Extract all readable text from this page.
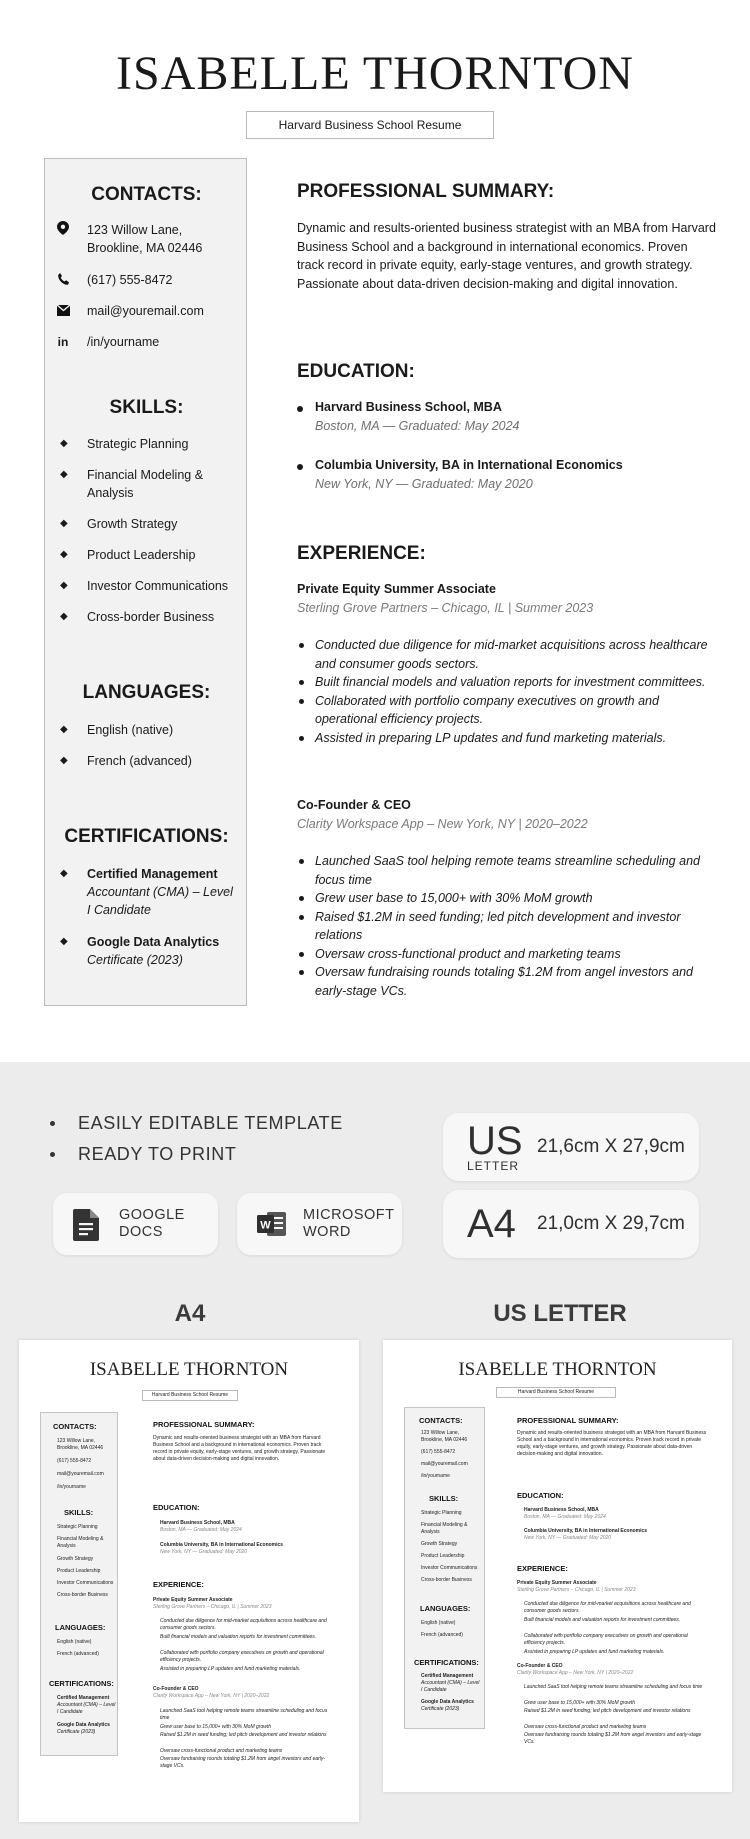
ISABELLE THORNTON
Harvard Business School Resume
CONTACTS:
123 Willow Lane,
Brookline, MA 02446
(617) 555-8472
mail@youremail.com
in /in/yourname
SKILLS:
◆ Strategic Planning
◆ Financial Modeling &
Analysis
◆ Growth Strategy
◆ Product Leadership
◆ Investor Communications
◆ Cross-border Business
LANGUAGES:
◆ English (native)
◆ French (advanced)
CERTIFICATIONS:
◆ Certified Management
Accountant (CMA) – Level
I Candidate
◆ Google Data Analytics
Certificate (2023)
PROFESSIONAL SUMMARY:
Dynamic and results-oriented business strategist with an MBA from Harvard Business School and a background in international economics. Proven track record in private equity, early-stage ventures, and growth strategy. Passionate about data-driven decision-making and digital innovation.
EDUCATION:
Harvard Business School, MBA
Boston, MA — Graduated: May 2024
Columbia University, BA in International Economics
New York, NY — Graduated: May 2020
EXPERIENCE:
Private Equity Summer Associate
Sterling Grove Partners – Chicago, IL | Summer 2023
Conducted due diligence for mid-market acquisitions across healthcare and consumer goods sectors.
Built financial models and valuation reports for investment committees.
Collaborated with portfolio company executives on growth and operational efficiency projects.
Assisted in preparing LP updates and fund marketing materials.
Co-Founder & CEO
Clarity Workspace App – New York, NY | 2020–2022
Launched SaaS tool helping remote teams streamline scheduling and focus time
Grew user base to 15,000+ with 30% MoM growth
Raised $1.2M in seed funding; led pitch development and investor relations
Oversaw cross-functional product and marketing teams
Oversaw fundraising rounds totaling $1.2M from angel investors and early-stage VCs.
EASILY EDITABLE TEMPLATE
READY TO PRINT
GOOGLE
DOCS	W
MICROSOFT
WORD
US
LETTER
21,6cm X 27,9cm
A4 21,0cm X 29,7cm
A4	US LETTER
ISABELLE THORNTON
Harvard Business School Resume
CONTACTS:
123 Willow Lane,
Brookline, MA 02446
(617) 555-8472
mail@youremail.com
/in/yourname
SKILLS:
Strategic Planning
Financial Modeling &
Analysis
Growth Strategy
Product Leadership
Investor Communications
Cross-border Business
LANGUAGES:
English (native)
French (advanced)
CERTIFICATIONS:
Certified Management
Accountant (CMA) – Level
I Candidate
Google Data Analytics
Certificate (2023)
PROFESSIONAL SUMMARY:
Dynamic and results-oriented business strategist with an MBA from Harvard Business School and a background in international economics. Proven track record in private equity, early-stage ventures, and growth strategy. Passionate about data-driven decision-making and digital innovation.
EDUCATION:
Harvard Business School, MBA
Boston, MA — Graduated: May 2024
Columbia University, BA in International Economics
New York, NY — Graduated: May 2020
EXPERIENCE:
Private Equity Summer Associate
Sterling Grove Partners – Chicago, IL | Summer 2023
Conducted due diligence for mid-market acquisitions across healthcare and consumer goods sectors.
Built financial models and valuation reports for investment committees.
Collaborated with portfolio company executives on growth and operational efficiency projects.
Assisted in preparing LP updates and fund marketing materials.
Co-Founder & CEO
Clarity Workspace App – New York, NY | 2020–2022
Launched SaaS tool helping remote teams streamline scheduling and focus time
Grew user base to 15,000+ with 30% MoM growth
Raised $1.2M in seed funding; led pitch development and investor relations
Oversaw cross-functional product and marketing teams
Oversaw fundraising rounds totaling $1.2M from angel investors and early-stage VCs.
ISABELLE THORNTON
Harvard Business School Resume
CONTACTS:
123 Willow Lane,
Brookline, MA 02446
(617) 555-8472
mail@youremail.com
/in/yourname
SKILLS:
Strategic Planning
Financial Modeling &
Analysis
Growth Strategy
Product Leadership
Investor Communications
Cross-border Business
LANGUAGES:
English (native)
French (advanced)
CERTIFICATIONS:
Certified Management
Accountant (CMA) – Level
I Candidate
Google Data Analytics
Certificate (2023)
PROFESSIONAL SUMMARY:
Dynamic and results-oriented business strategist with an MBA from Harvard Business School and a background in international economics. Proven track record in private equity, early-stage ventures, and growth strategy. Passionate about data-driven decision-making and digital innovation.
EDUCATION:
Harvard Business School, MBA
Boston, MA — Graduated: May 2024
Columbia University, BA in International Economics
New York, NY — Graduated: May 2020
EXPERIENCE:
Private Equity Summer Associate
Sterling Grove Partners – Chicago, IL | Summer 2023
Conducted due diligence for mid-market acquisitions across healthcare and consumer goods sectors.
Built financial models and valuation reports for investment committees.
Collaborated with portfolio company executives on growth and operational efficiency projects.
Assisted in preparing LP updates and fund marketing materials.
Co-Founder & CEO
Clarity Workspace App – New York, NY | 2020–2022
Launched SaaS tool helping remote teams streamline scheduling and focus time
Grew user base to 15,000+ with 30% MoM growth
Raised $1.2M in seed funding; led pitch development and investor relations
Oversaw cross-functional product and marketing teams
Oversaw fundraising rounds totaling $1.2M from angel investors and early-stage VCs.
